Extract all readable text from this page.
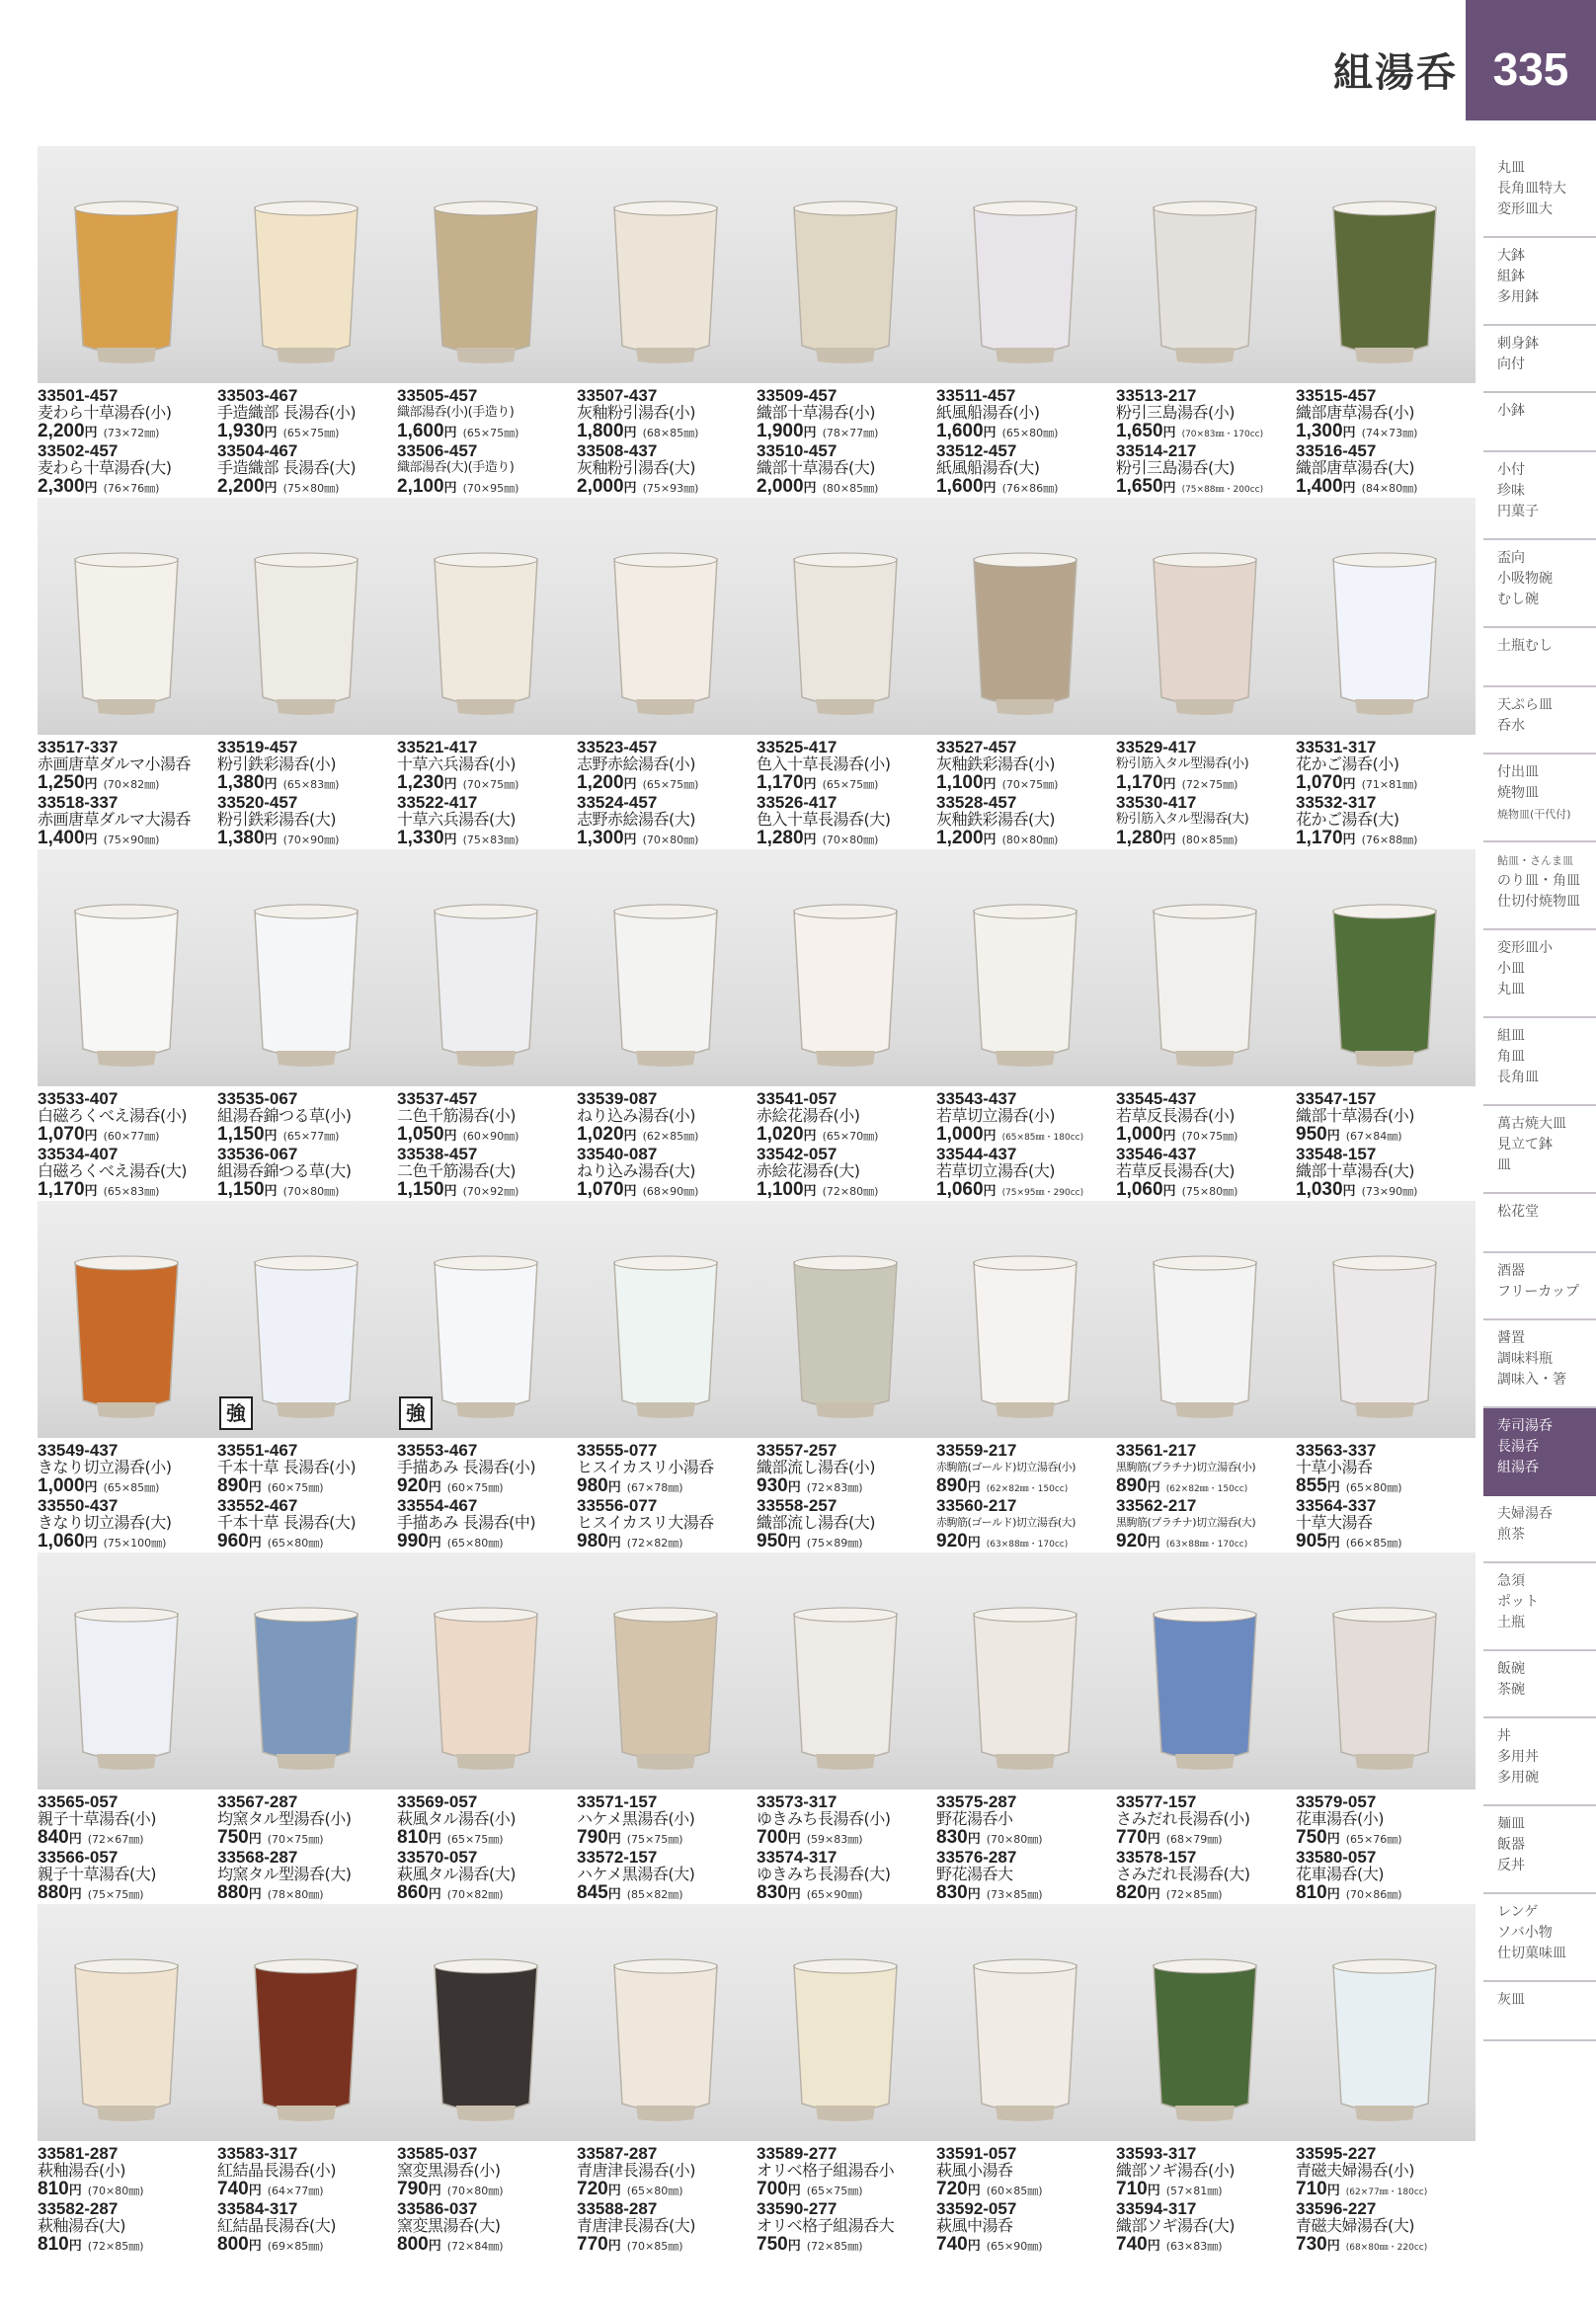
組湯呑 335
丸皿
長角皿特大
変形皿大
大鉢
組鉢
多用鉢
刺身鉢
向付
小鉢
小付
珍味
円菓子
盃向
小吸物碗
むし碗
土瓶むし
天ぷら皿
呑水
付出皿
焼物皿
焼物皿(干代付)
鮎皿・さんま皿
のり皿・角皿
仕切付焼物皿
変形皿小
小皿
丸皿
組皿
角皿
長角皿
萬古焼大皿
見立て鉢
皿
松花堂
酒器
フリーカップ
醤置
調味料瓶
調味入・箸
寿司湯呑
長湯呑
組湯呑
夫婦湯呑
煎茶
急須
ポット
土瓶
飯碗
茶碗
丼
多用丼
多用碗
麺皿
飯器
反丼
レンゲ
ソバ小物
仕切菓味皿
灰皿
33501-457
麦わら十草湯呑(小)
2,200円 (73×72㎜)
33502-457
麦わら十草湯呑(大)
2,300円 (76×76㎜)
33503-467
手造織部 長湯呑(小)
1,930円 (65×75㎜)
33504-467
手造織部 長湯呑(大)
2,200円 (75×80㎜)
33505-457
織部湯呑(小)(手造り)
1,600円 (65×75㎜)
33506-457
織部湯呑(大)(手造り)
2,100円 (70×95㎜)
33507-437
灰釉粉引湯呑(小)
1,800円 (68×85㎜)
33508-437
灰釉粉引湯呑(大)
2,000円 (75×93㎜)
33509-457
織部十草湯呑(小)
1,900円 (78×77㎜)
33510-457
織部十草湯呑(大)
2,000円 (80×85㎜)
33511-457
紙風船湯呑(小)
1,600円 (65×80㎜)
33512-457
紙風船湯呑(大)
1,600円 (76×86㎜)
33513-217
粉引三島湯呑(小)
1,650円 (70×83㎜・170cc)
33514-217
粉引三島湯呑(大)
1,650円 (75×88㎜・200cc)
33515-457
織部唐草湯呑(小)
1,300円 (74×73㎜)
33516-457
織部唐草湯呑(大)
1,400円 (84×80㎜)
33517-337
赤画唐草ダルマ小湯呑
1,250円 (70×82㎜)
33518-337
赤画唐草ダルマ大湯呑
1,400円 (75×90㎜)
33519-457
粉引鉄彩湯呑(小)
1,380円 (65×83㎜)
33520-457
粉引鉄彩湯呑(大)
1,380円 (70×90㎜)
33521-417
十草六兵湯呑(小)
1,230円 (70×75㎜)
33522-417
十草六兵湯呑(大)
1,330円 (75×83㎜)
33523-457
志野赤絵湯呑(小)
1,200円 (65×75㎜)
33524-457
志野赤絵湯呑(大)
1,300円 (70×80㎜)
33525-417
色入十草長湯呑(小)
1,170円 (65×75㎜)
33526-417
色入十草長湯呑(大)
1,280円 (70×80㎜)
33527-457
灰釉鉄彩湯呑(小)
1,100円 (70×75㎜)
33528-457
灰釉鉄彩湯呑(大)
1,200円 (80×80㎜)
33529-417
粉引筋入タル型湯呑(小)
1,170円 (72×75㎜)
33530-417
粉引筋入タル型湯呑(大)
1,280円 (80×85㎜)
33531-317
花かご湯呑(小)
1,070円 (71×81㎜)
33532-317
花かご湯呑(大)
1,170円 (76×88㎜)
33533-407
白磁ろくべえ湯呑(小)
1,070円 (60×77㎜)
33534-407
白磁ろくべえ湯呑(大)
1,170円 (65×83㎜)
33535-067
組湯呑錦つる草(小)
1,150円 (65×77㎜)
33536-067
組湯呑錦つる草(大)
1,150円 (70×80㎜)
33537-457
二色千筋湯呑(小)
1,050円 (60×90㎜)
33538-457
二色千筋湯呑(大)
1,150円 (70×92㎜)
33539-087
ねり込み湯呑(小)
1,020円 (62×85㎜)
33540-087
ねり込み湯呑(大)
1,070円 (68×90㎜)
33541-057
赤絵花湯呑(小)
1,020円 (65×70㎜)
33542-057
赤絵花湯呑(大)
1,100円 (72×80㎜)
33543-437
若草切立湯呑(小)
1,000円 (65×85㎜・180cc)
33544-437
若草切立湯呑(大)
1,060円 (75×95㎜・290cc)
33545-437
若草反長湯呑(小)
1,000円 (70×75㎜)
33546-437
若草反長湯呑(大)
1,060円 (75×80㎜)
33547-157
織部十草湯呑(小)
950円 (67×84㎜)
33548-157
織部十草湯呑(大)
1,030円 (73×90㎜)
強	強
33549-437
きなり切立湯呑(小)
1,000円 (65×85㎜)
33550-437
きなり切立湯呑(大)
1,060円 (75×100㎜)
33551-467
千本十草 長湯呑(小)
890円 (60×75㎜)
33552-467
千本十草 長湯呑(大)
960円 (65×80㎜)
33553-467
手描あみ 長湯呑(小)
920円 (60×75㎜)
33554-467
手描あみ 長湯呑(中)
990円 (65×80㎜)
33555-077
ヒスイカスリ小湯呑
980円 (67×78㎜)
33556-077
ヒスイカスリ大湯呑
980円 (72×82㎜)
33557-257
織部流し湯呑(小)
930円 (72×83㎜)
33558-257
織部流し湯呑(大)
950円 (75×89㎜)
33559-217
赤駒筋(ゴールド)切立湯呑(小)
890円 (62×82㎜・150cc)
33560-217
赤駒筋(ゴールド)切立湯呑(大)
920円 (63×88㎜・170cc)
33561-217
黒駒筋(プラチナ)切立湯呑(小)
890円 (62×82㎜・150cc)
33562-217
黒駒筋(プラチナ)切立湯呑(大)
920円 (63×88㎜・170cc)
33563-337
十草小湯呑
855円 (65×80㎜)
33564-337
十草大湯呑
905円 (66×85㎜)
33565-057
親子十草湯呑(小)
840円 (72×67㎜)
33566-057
親子十草湯呑(大)
880円 (75×75㎜)
33567-287
均窯タル型湯呑(小)
750円 (70×75㎜)
33568-287
均窯タル型湯呑(大)
880円 (78×80㎜)
33569-057
萩風タル湯呑(小)
810円 (65×75㎜)
33570-057
萩風タル湯呑(大)
860円 (70×82㎜)
33571-157
ハケメ黒湯呑(小)
790円 (75×75㎜)
33572-157
ハケメ黒湯呑(大)
845円 (85×82㎜)
33573-317
ゆきみち長湯呑(小)
700円 (59×83㎜)
33574-317
ゆきみち長湯呑(大)
830円 (65×90㎜)
33575-287
野花湯呑小
830円 (70×80㎜)
33576-287
野花湯呑大
830円 (73×85㎜)
33577-157
さみだれ長湯呑(小)
770円 (68×79㎜)
33578-157
さみだれ長湯呑(大)
820円 (72×85㎜)
33579-057
花車湯呑(小)
750円 (65×76㎜)
33580-057
花車湯呑(大)
810円 (70×86㎜)
33581-287
萩釉湯呑(小)
810円 (70×80㎜)
33582-287
萩釉湯呑(大)
810円 (72×85㎜)
33583-317
紅結晶長湯呑(小)
740円 (64×77㎜)
33584-317
紅結晶長湯呑(大)
800円 (69×85㎜)
33585-037
窯変黒湯呑(小)
790円 (70×80㎜)
33586-037
窯変黒湯呑(大)
800円 (72×84㎜)
33587-287
青唐津長湯呑(小)
720円 (65×80㎜)
33588-287
青唐津長湯呑(大)
770円 (70×85㎜)
33589-277
オリベ格子組湯呑小
700円 (65×75㎜)
33590-277
オリベ格子組湯呑大
750円 (72×85㎜)
33591-057
萩風小湯呑
720円 (60×85㎜)
33592-057
萩風中湯呑
740円 (65×90㎜)
33593-317
織部ソギ湯呑(小)
710円 (57×81㎜)
33594-317
織部ソギ湯呑(大)
740円 (63×83㎜)
33595-227
青磁夫婦湯呑(小)
710円 (62×77㎜・180cc)
33596-227
青磁夫婦湯呑(大)
730円 (68×80㎜・220cc)
